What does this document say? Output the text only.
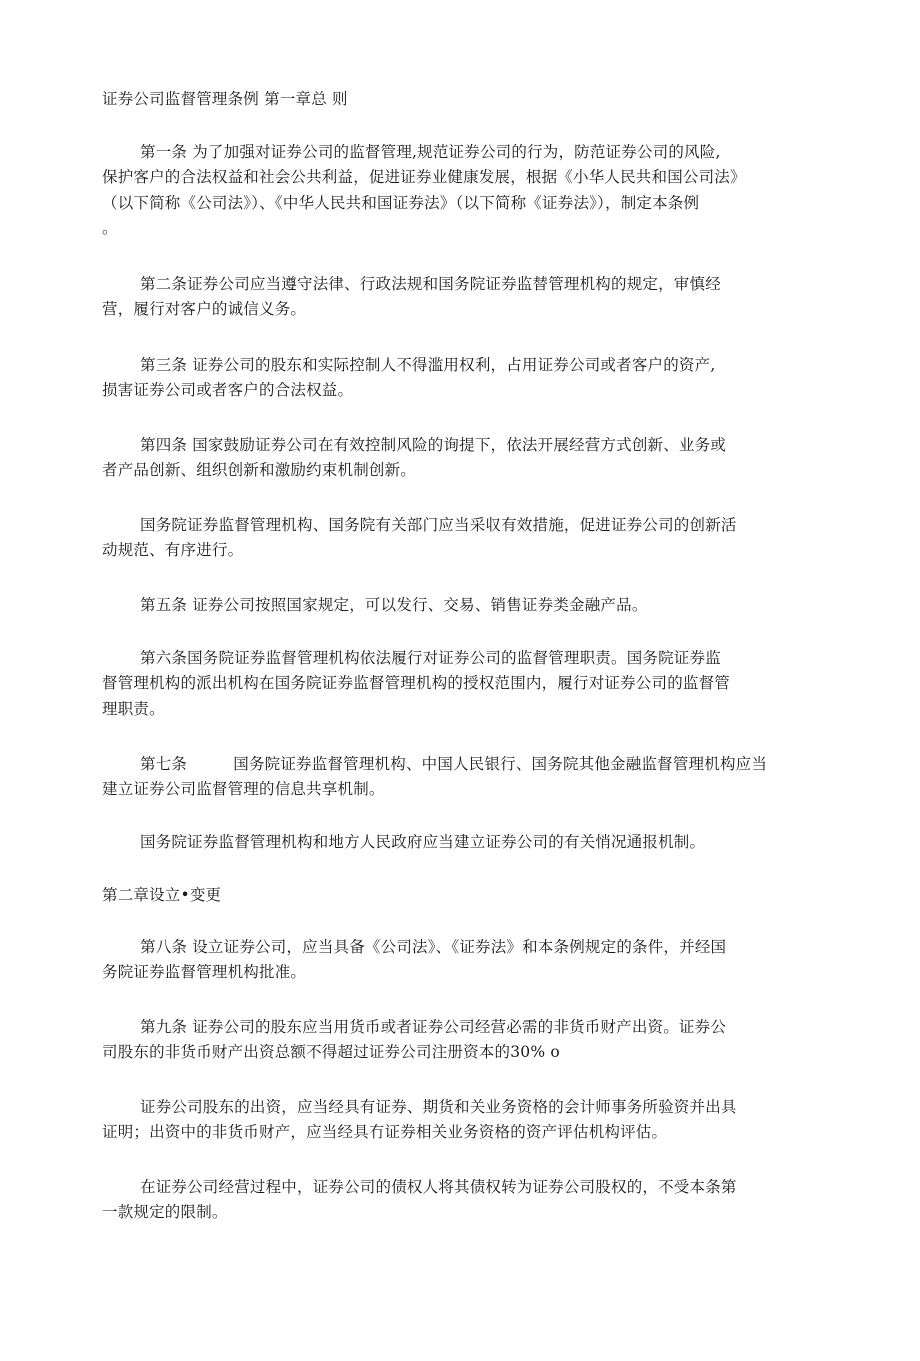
证券公司监督管理条例 第一章总 则

第一条 为了加强对证券公司的监督管理,规范证券公司的行为，防范证券公司的风险,

保护客户的合法权益和社会公共利益，促进证券业健康发展，根据《小华人民共和国公司法》

（以下简称《公司法》）、《中华人民共和国证券法》（以下简称《证券法》），制定本条例

。

第二条证券公司应当遵守法律、行政法规和国务院证券监替管理机构的规定，审慎经

营，履行对客户的诚信义务。

第三条 证券公司的股东和实际控制人不得滥用权利，占用证券公司或者客户的资产,

损害证券公司或者客户的合法权益。

第四条 国家鼓励证券公司在有效控制风险的询提下，依法开展经营方式创新、业务或

者产品创新、组织创新和激励约束机制创新。

国务院证券监督管理机构、国务院有关部门应当采収有效措施，促进证券公司的创新活

动规范、有序进行。

第五条 证券公司按照国家规定，可以发行、交易、销售证券类金融产品。

第六条国务院证券监督管理机构依法履行对证券公司的监督管理职责。国务院证券监

督管理机构的派出机构在国务院证券监督管理机构的授权范围内，履行对证券公司的监督管

理职责。

第七条         国务院证券监督管理机构、中国人民银行、国务院其他金融监督管理机构应当

建立证券公司监督管理的信息共享机制。

国务院证券监督管理机构和地方人民政府应当建立证券公司的有关悄况通报机制。

第二章设立•变更

第八条 设立证券公司，应当具备《公司法》、《证券法》和本条例规定的条件，并经国

务院证券监督管理机构批准。

第九条 证券公司的股东应当用货币或者证券公司经营必需的非货币财产出资。证券公

司股东的非货币财产出资总额不得超过证券公司注册资本的30% o

证券公司股东的出资，应当经具有证券、期货和关业务资格的会计师事务所验资并出具

证明；出资中的非货币财产，应当经具冇证券相关业务资格的资产评估机构评估。

在证券公司经营过程中，证券公司的债权人将其债权转为证券公司股权的，不受本条第

一款规定的限制。
